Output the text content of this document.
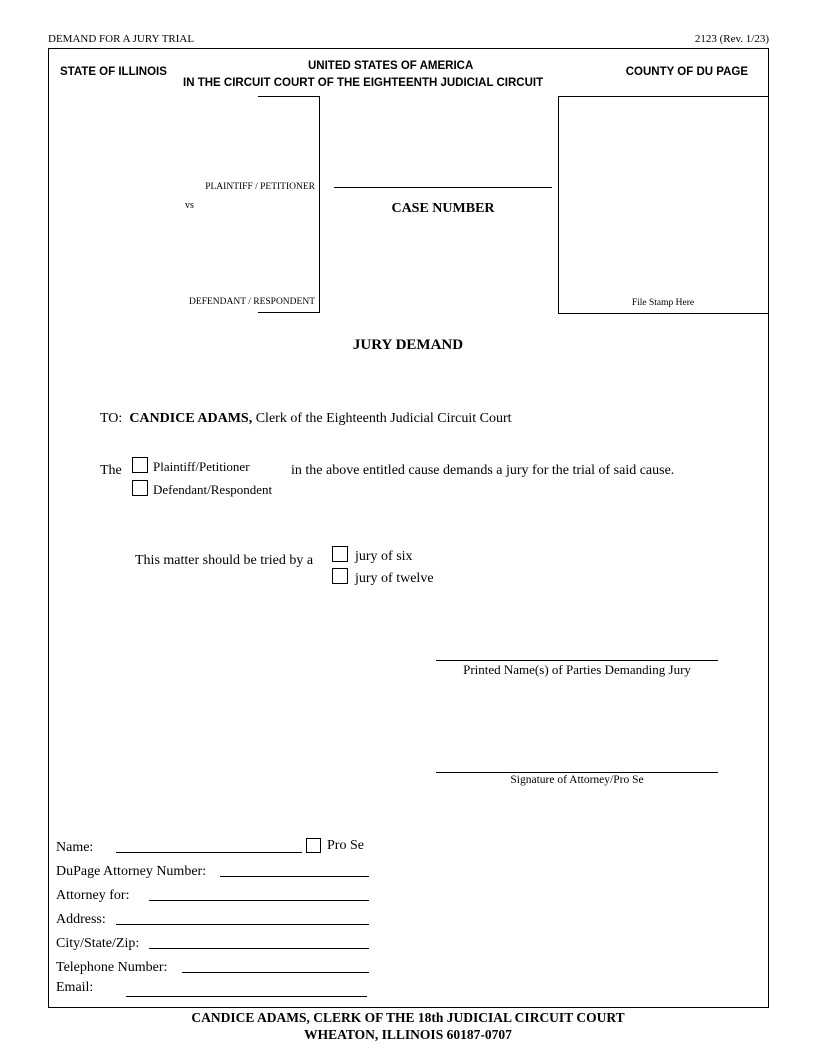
DEMAND FOR A JURY TRIAL	2123 (Rev. 1/23)
STATE OF ILLINOIS	UNITED STATES OF AMERICA
IN THE CIRCUIT COURT OF THE EIGHTEENTH JUDICIAL CIRCUIT
COUNTY OF DU PAGE
PLAINTIFF / PETITIONER
vs
DEFENDANT / RESPONDENT
CASE NUMBER
File Stamp Here
JURY DEMAND
TO: CANDICE ADAMS, Clerk of the Eighteenth Judicial Circuit Court
The Plaintiff/Petitioner
Defendant/Respondent
in the above entitled cause demands a jury for the trial of said cause.
This matter should be tried by a	jury of six
jury of twelve
Printed Name(s) of Parties Demanding Jury
Signature of Attorney/Pro Se
Name:	Pro Se
DuPage Attorney Number:
Attorney for:
Address:
City/State/Zip:
Telephone Number:
Email:
CANDICE ADAMS, CLERK OF THE 18th JUDICIAL CIRCUIT COURT
WHEATON, ILLINOIS 60187-0707
